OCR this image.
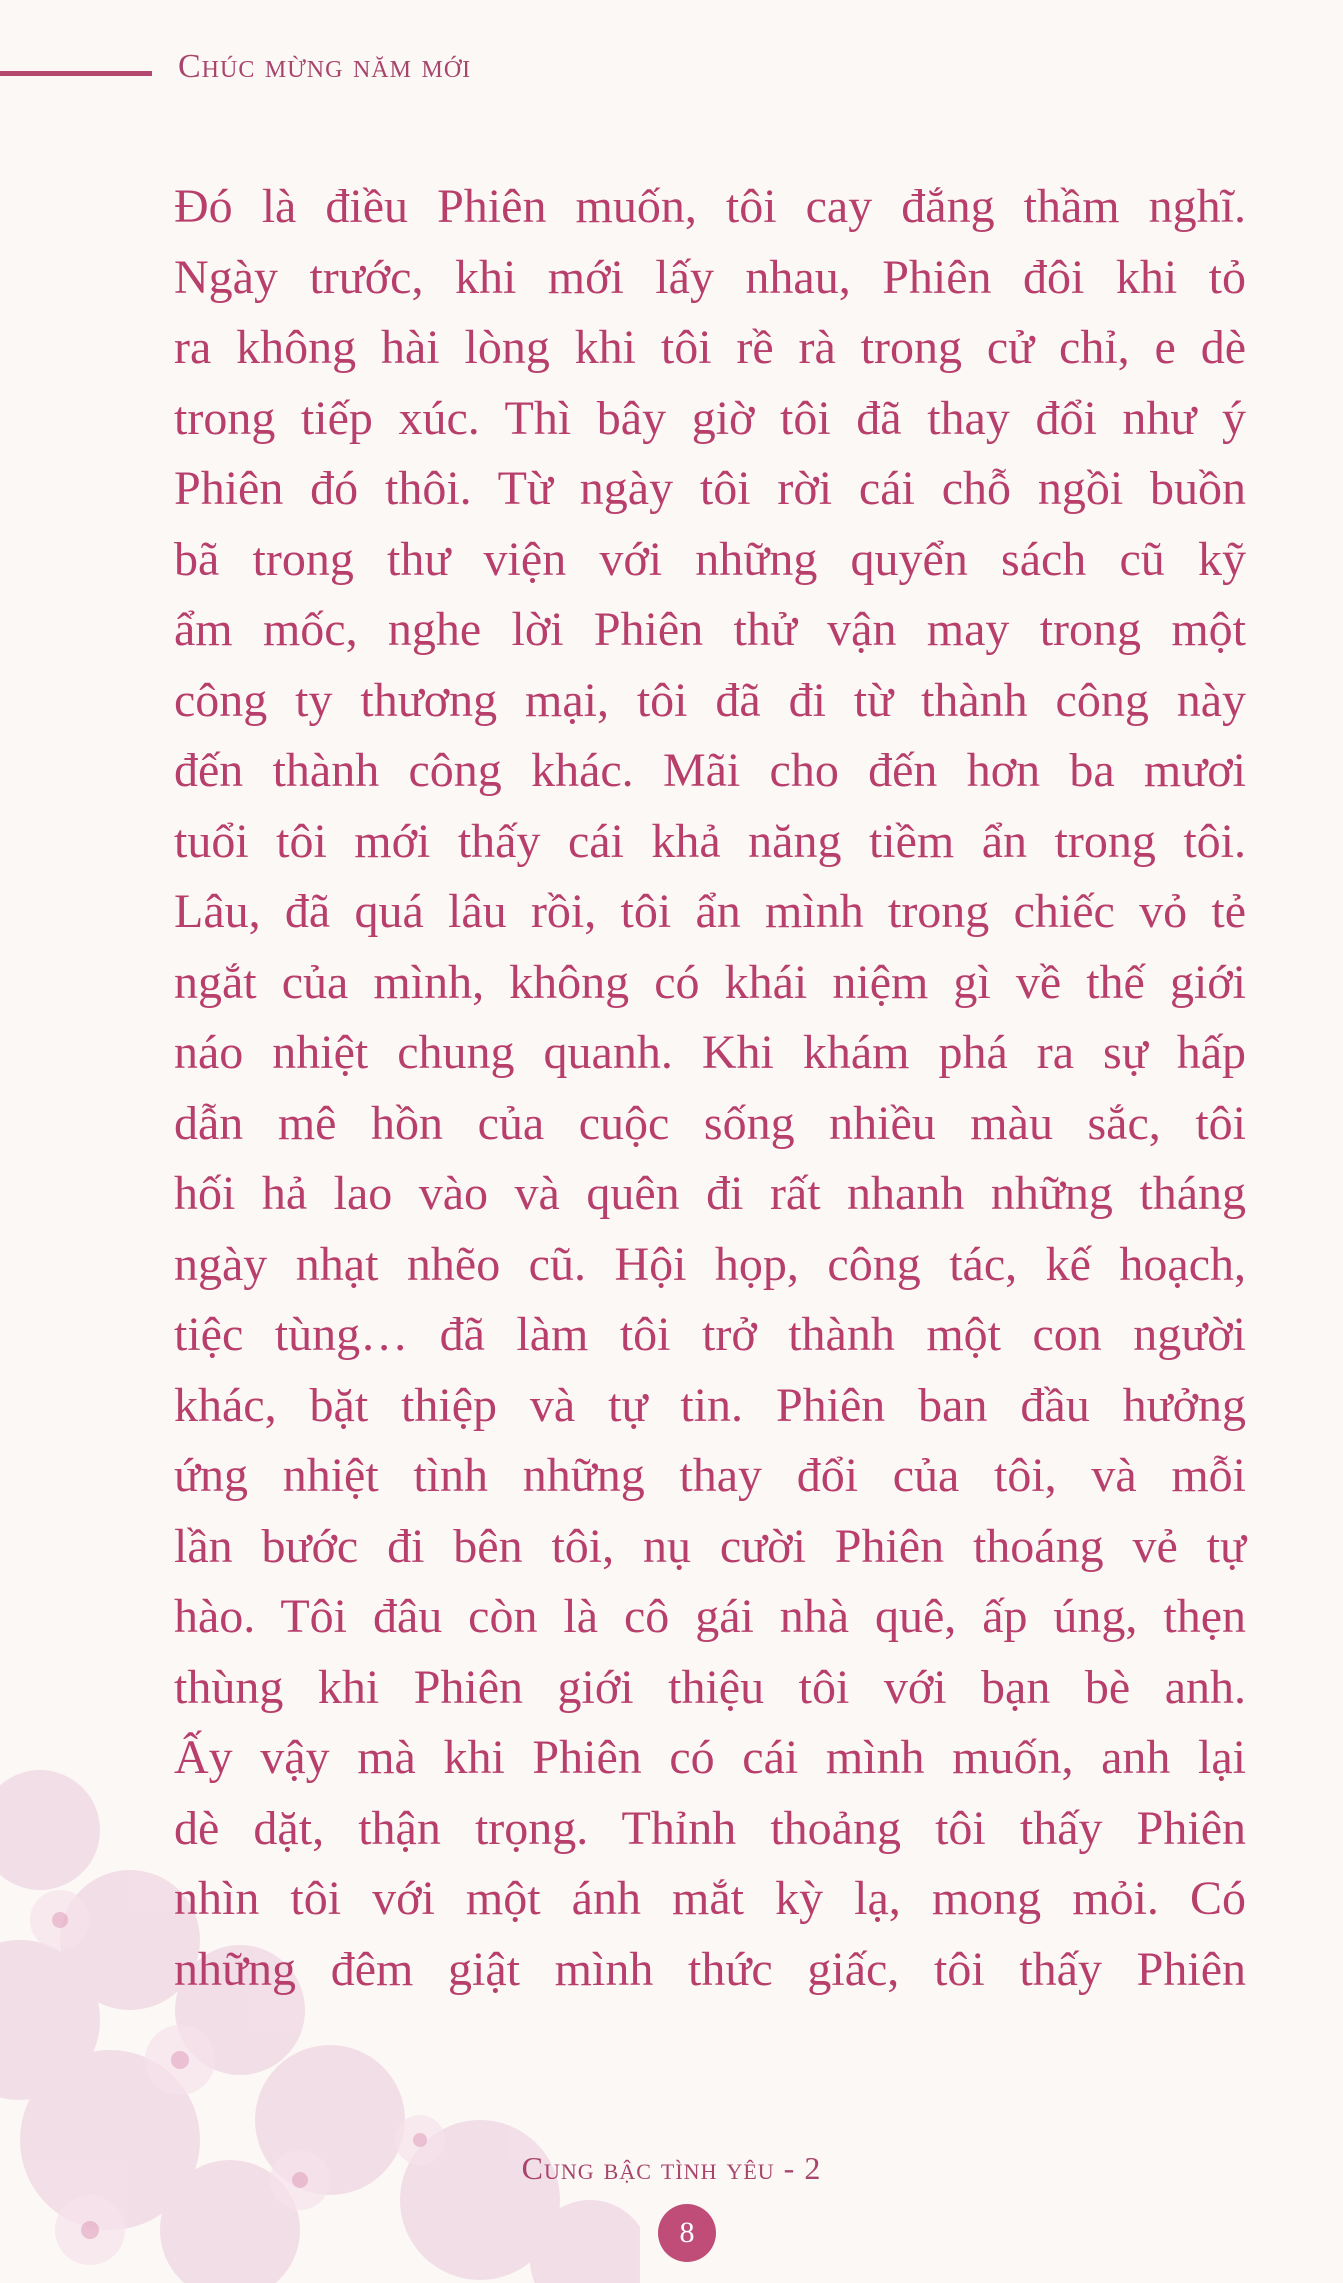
Chúc mừng năm mới
Đó là điều Phiên muốn, tôi cay đắng thầm nghĩ.
Ngày trước, khi mới lấy nhau, Phiên đôi khi tỏ
ra không hài lòng khi tôi rề rà trong cử chỉ, e dè
trong tiếp xúc. Thì bây giờ tôi đã thay đổi như ý
Phiên đó thôi. Từ ngày tôi rời cái chỗ ngồi buồn
bã trong thư viện với những quyển sách cũ kỹ
ẩm mốc, nghe lời Phiên thử vận may trong một
công ty thương mại, tôi đã đi từ thành công này
đến thành công khác. Mãi cho đến hơn ba mươi
tuổi tôi mới thấy cái khả năng tiềm ẩn trong tôi.
Lâu, đã quá lâu rồi, tôi ẩn mình trong chiếc vỏ tẻ
ngắt của mình, không có khái niệm gì về thế giới
náo nhiệt chung quanh. Khi khám phá ra sự hấp
dẫn mê hồn của cuộc sống nhiều màu sắc, tôi
hối hả lao vào và quên đi rất nhanh những tháng
ngày nhạt nhẽo cũ. Hội họp, công tác, kế hoạch,
tiệc tùng… đã làm tôi trở thành một con người
khác, bặt thiệp và tự tin. Phiên ban đầu hưởng
ứng nhiệt tình những thay đổi của tôi, và mỗi
lần bước đi bên tôi, nụ cười Phiên thoáng vẻ tự
hào. Tôi đâu còn là cô gái nhà quê, ấp úng, thẹn
thùng khi Phiên giới thiệu tôi với bạn bè anh.
Ấy vậy mà khi Phiên có cái mình muốn, anh lại
dè dặt, thận trọng. Thỉnh thoảng tôi thấy Phiên
nhìn tôi với một ánh mắt kỳ lạ, mong mỏi. Có
những đêm giật mình thức giấc, tôi thấy Phiên
Cung bậc tình yêu - 2
8
